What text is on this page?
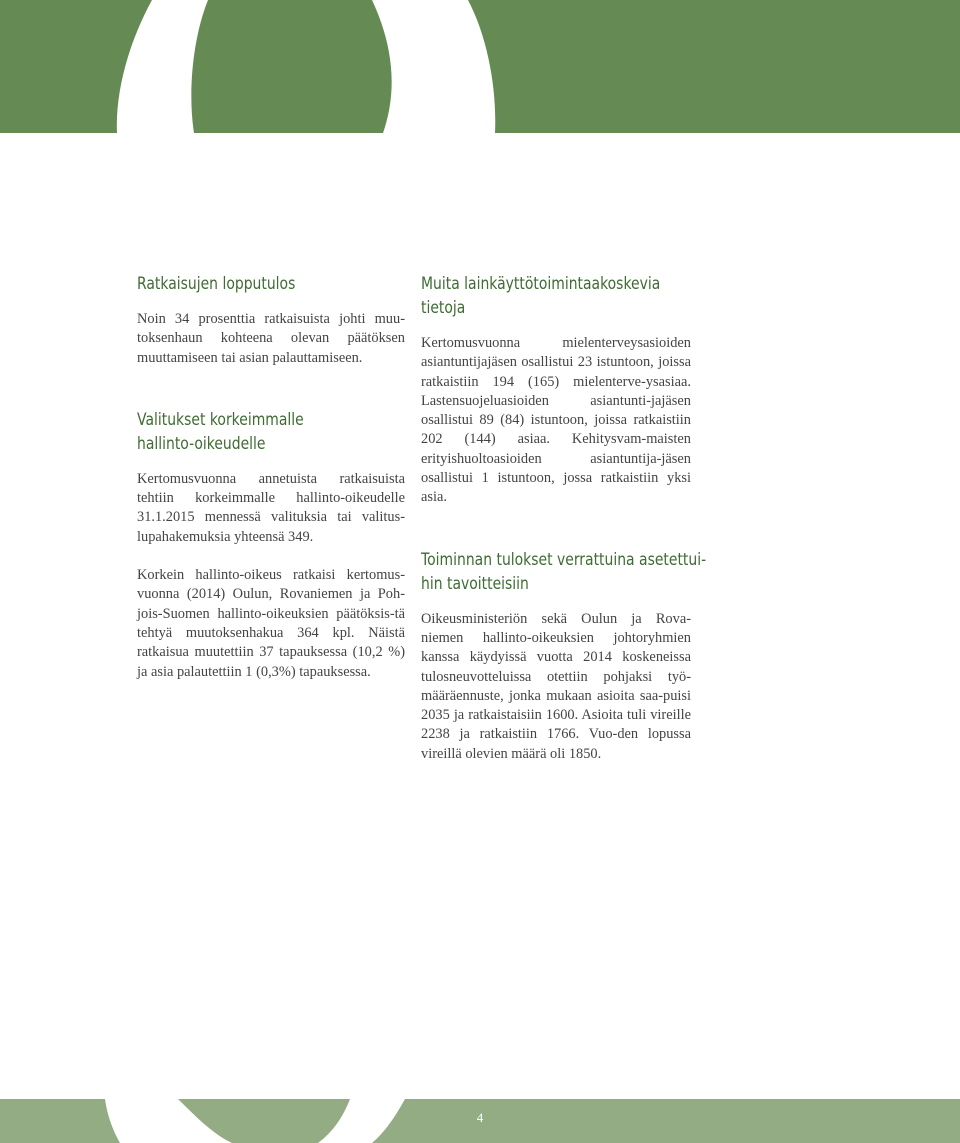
Ratkaisujen lopputulos

Noin 34 prosenttia ratkaisuista johti muu-toksenhaun kohteena olevan päätöksen muuttamiseen tai asian palauttamiseen.

Valitukset korkeimmalle
hallinto-oikeudelle

Kertomusvuonna annetuista ratkaisuista tehtiin korkeimmalle hallinto-oikeudelle 31.1.2015 mennessä valituksia tai valitus-lupahakemuksia yhteensä 349.

Korkein hallinto-oikeus ratkaisi kertomus-vuonna (2014) Oulun, Rovaniemen ja Poh-jois-Suomen hallinto-oikeuksien päätöksis-tä tehtyä muutoksenhakua 364 kpl. Näistä ratkaisua muutettiin 37 tapauksessa (10,2 %) ja asia palautettiin 1 (0,3%) tapauksessa.

Muita lainkäyttötoimintaakoskevia
tietoja

Kertomusvuonna mielenterveysasioiden asiantuntijajäsen osallistui 23 istuntoon, joissa ratkaistiin 194 (165) mielenterve-ysasiaa. Lastensuojeluasioiden asiantunti-jajäsen osallistui 89 (84) istuntoon, joissa ratkaistiin 202 (144) asiaa. Kehitysvam-maisten erityishuoltoasioiden asiantuntija-jäsen osallistui 1 istuntoon, jossa ratkaistiin yksi asia.

Toiminnan tulokset verrattuina asetettui-
hin tavoitteisiin

Oikeusministeriön sekä Oulun ja Rova-niemen hallinto-oikeuksien johtoryhmien kanssa käydyissä vuotta 2014 koskeneissa tulosneuvotteluissa otettiin pohjaksi työ-määräennuste, jonka mukaan asioita saa-puisi 2035 ja ratkaistaisiin 1600. Asioita tuli vireille 2238 ja ratkaistiin 1766. Vuo-den lopussa vireillä olevien määrä oli 1850.

4
